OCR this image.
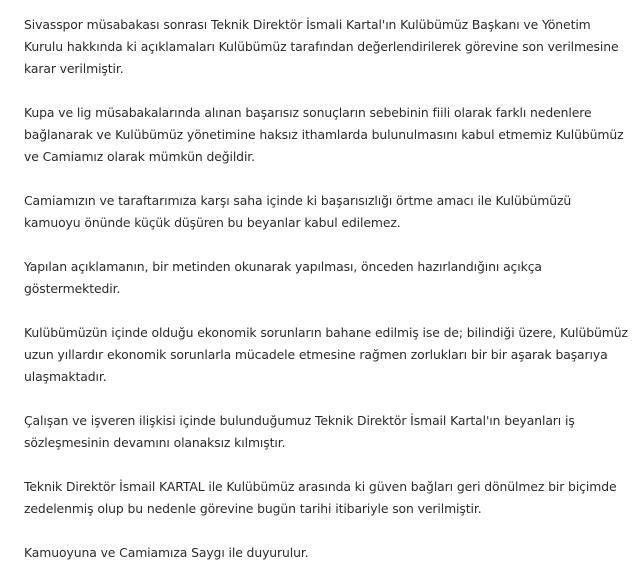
Sivasspor müsabakası sonrası Teknik Direktör İsmali Kartal'ın Kulübümüz Başkanı ve Yönetim Kurulu hakkında ki açıklamaları Kulübümüz tarafından değerlendirilerek görevine son verilmesine karar verilmiştir.

Kupa ve lig müsabakalarında alınan başarısız sonuçların sebebinin fiili olarak farklı nedenlere bağlanarak ve Kulübümüz yönetimine haksız ithamlarda bulunulmasını kabul etmemiz Kulübümüz ve Camiamız olarak mümkün değildir.

Camiamızın ve taraftarımıza karşı saha içinde ki başarısızlığı örtme amacı ile Kulübümüzü kamuoyu önünde küçük düşüren bu beyanlar kabul edilemez.

Yapılan açıklamanın, bir metinden okunarak yapılması, önceden hazırlandığını açıkça göstermektedir.

Kulübümüzün içinde olduğu ekonomik sorunların bahane edilmiş ise de; bilindiği üzere, Kulübümüz uzun yıllardır ekonomik sorunlarla mücadele etmesine rağmen zorlukları bir bir aşarak başarıya ulaşmaktadır.

Çalışan ve işveren ilişkisi içinde bulunduğumuz Teknik Direktör İsmail Kartal'ın beyanları iş sözleşmesinin devamını olanaksız kılmıştır.

Teknik Direktör İsmail KARTAL ile Kulübümüz arasında ki güven bağları geri dönülmez bir biçimde zedelenmiş olup bu nedenle görevine bugün tarihi itibariyle son verilmiştir.

Kamuoyuna ve Camiamıza Saygı ile duyurulur.
